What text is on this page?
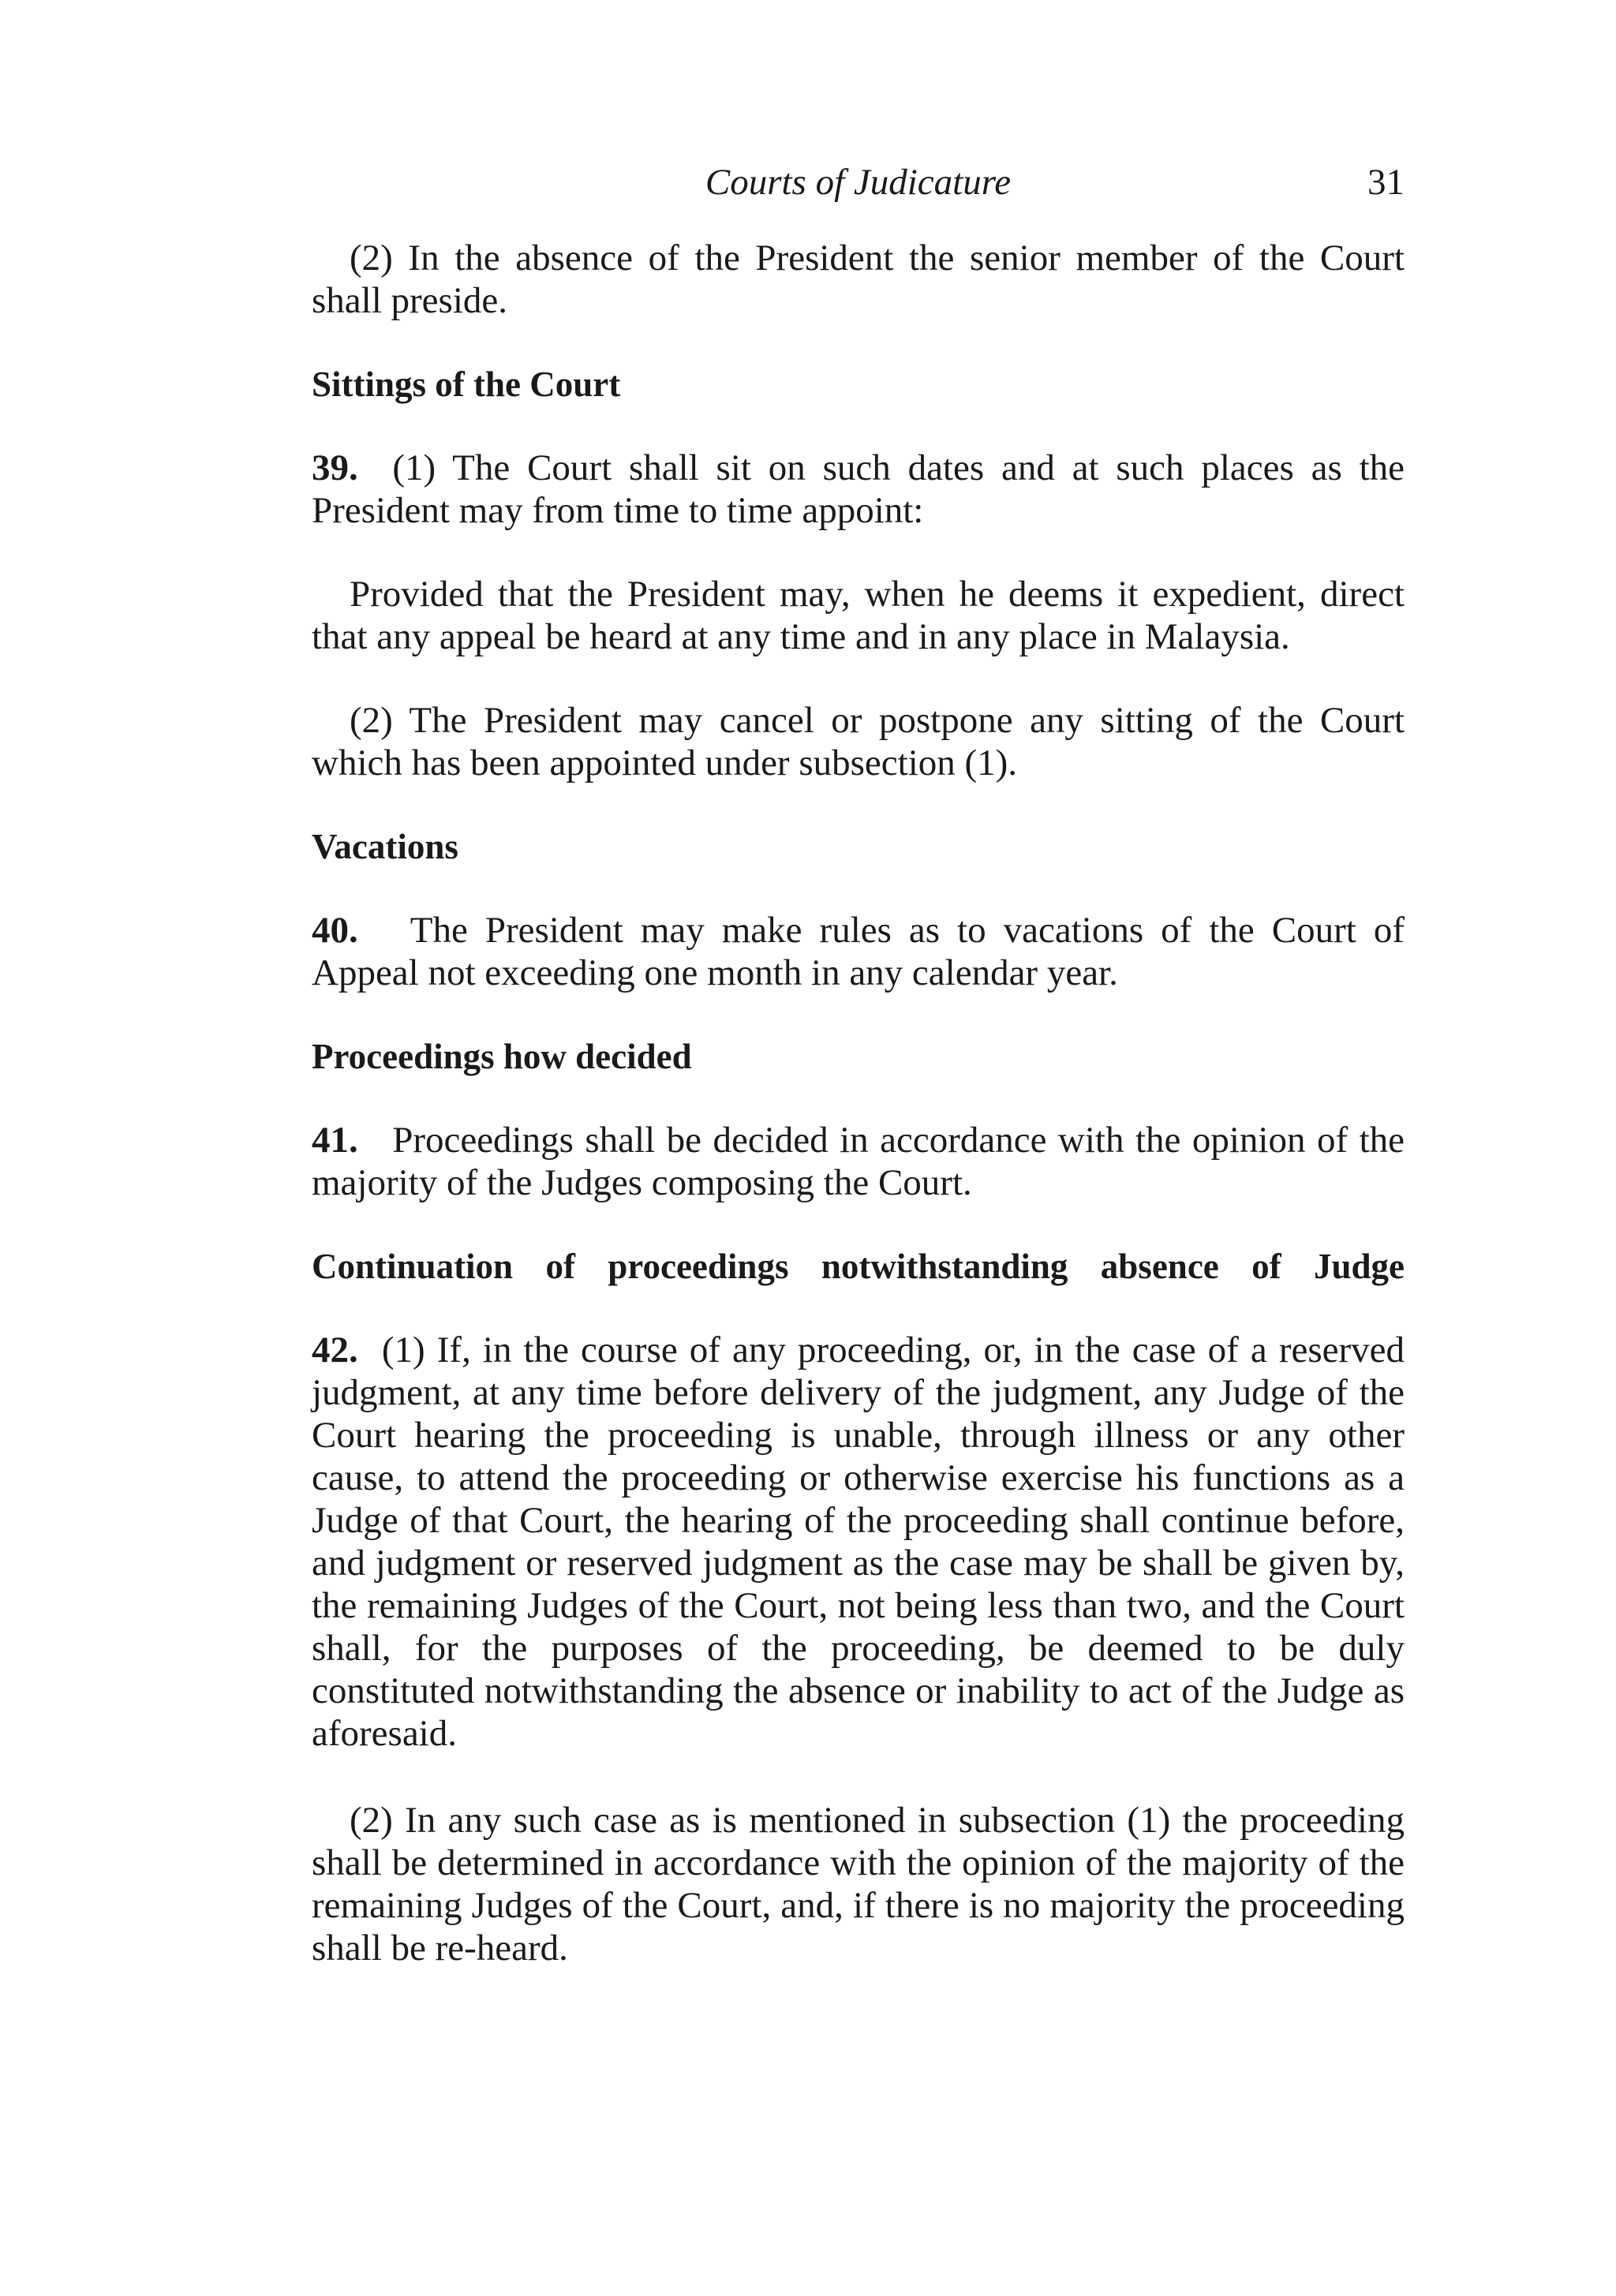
Courts of Judicature	31

(2) In the absence of the President the senior member of the Court shall preside.

Sittings of the Court

39. (1) The Court shall sit on such dates and at such places as the President may from time to time appoint:

Provided that the President may, when he deems it expedient, direct that any appeal be heard at any time and in any place in Malaysia.

(2) The President may cancel or postpone any sitting of the Court which has been appointed under subsection (1).

Vacations

40. The President may make rules as to vacations of the Court of Appeal not exceeding one month in any calendar year.

Proceedings how decided

41. Proceedings shall be decided in accordance with the opinion of the majority of the Judges composing the Court.

Continuation of proceedings notwithstanding absence of Judge

42. (1) If, in the course of any proceeding, or, in the case of a reserved judgment, at any time before delivery of the judgment, any Judge of the Court hearing the proceeding is unable, through illness or any other cause, to attend the proceeding or otherwise exercise his functions as a Judge of that Court, the hearing of the proceeding shall continue before, and judgment or reserved judgment as the case may be shall be given by, the remaining Judges of the Court, not being less than two, and the Court shall, for the purposes of the proceeding, be deemed to be duly constituted notwithstanding the absence or inability to act of the Judge as aforesaid.

(2) In any such case as is mentioned in subsection (1) the proceeding shall be determined in accordance with the opinion of the majority of the remaining Judges of the Court, and, if there is no majority the proceeding shall be re-heard.
